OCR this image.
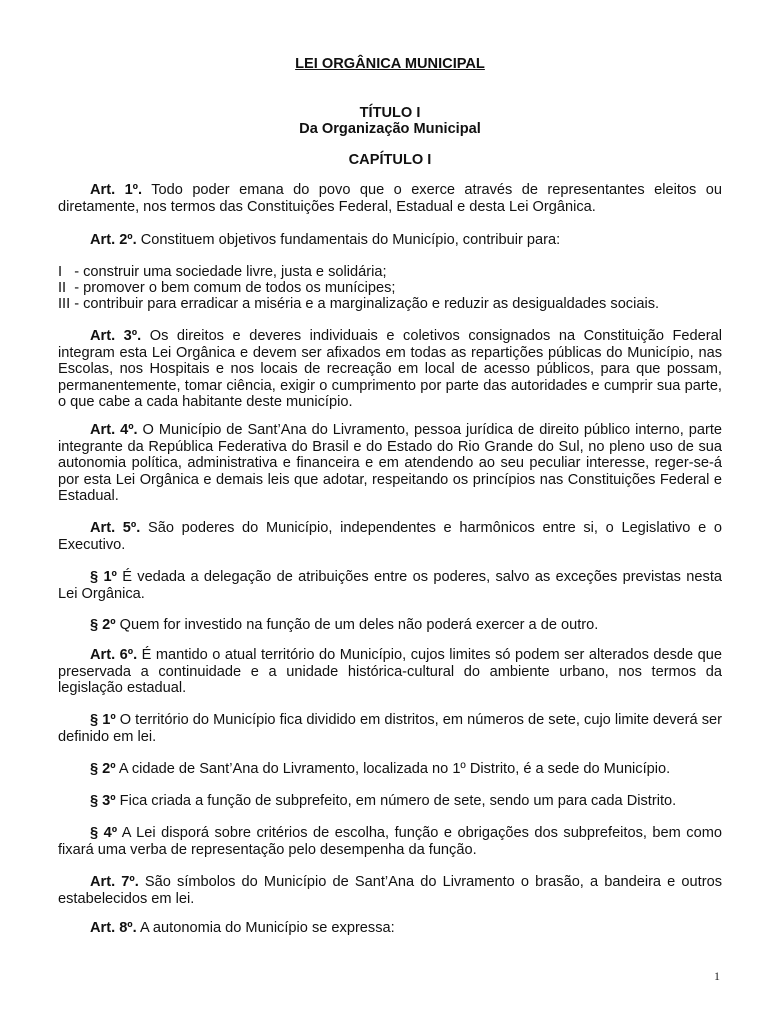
LEI ORGÂNICA MUNICIPAL
TÍTULO I
Da Organização Municipal
CAPÍTULO I

Art. 1º. Todo poder emana do povo que o exerce através de representantes eleitos ou diretamente, nos termos das Constituições Federal, Estadual e desta Lei Orgânica.

Art. 2º. Constituem objetivos fundamentais do Município, contribuir para:

I   - construir uma sociedade livre, justa e solidária;

II  - promover o bem comum de todos os munícipes;

III - contribuir para erradicar a miséria e a marginalização e reduzir as desigualdades sociais.

Art. 3º. Os direitos e deveres individuais e coletivos consignados na Constituição Federal integram esta Lei Orgânica e devem ser afixados em todas as repartições públicas do Município, nas Escolas, nos Hospitais e nos locais de recreação em local de acesso públicos, para que possam, permanentemente, tomar ciência, exigir o cumprimento por parte das autoridades e cumprir sua parte, o que cabe a cada habitante deste município.

Art. 4º. O Município de Sant’Ana do Livramento, pessoa jurídica de direito público interno, parte integrante da República Federativa do Brasil e do Estado do Rio Grande do Sul, no pleno uso de sua autonomia política, administrativa e financeira e em atendendo ao seu peculiar interesse, reger-se-á por esta Lei Orgânica e demais leis que adotar, respeitando os princípios nas Constituições Federal e Estadual.

Art. 5º. São poderes do Município, independentes e harmônicos entre si, o Legislativo e o Executivo.

§ 1º É vedada a delegação de atribuições entre os poderes, salvo as exceções previstas nesta Lei Orgânica.

§ 2º Quem for investido na função de um deles não poderá exercer a de outro.

Art. 6º. É mantido o atual território do Município, cujos limites só podem ser alterados desde que preservada a continuidade e a unidade histórica-cultural do ambiente urbano, nos termos da legislação estadual.

§ 1º O território do Município fica dividido em distritos, em números de sete, cujo limite deverá ser definido em lei.

§ 2º A cidade de Sant’Ana do Livramento, localizada no 1º Distrito, é a sede do Município.

§ 3º Fica criada a função de subprefeito, em número de sete, sendo um para cada Distrito.

§ 4º A Lei disporá sobre critérios de escolha, função e obrigações dos subprefeitos, bem como fixará uma verba de representação pelo desempenha da função.

Art. 7º. São símbolos do Município de Sant’Ana do Livramento o brasão, a bandeira e outros estabelecidos em lei.

Art. 8º. A autonomia do Município se expressa:

1
